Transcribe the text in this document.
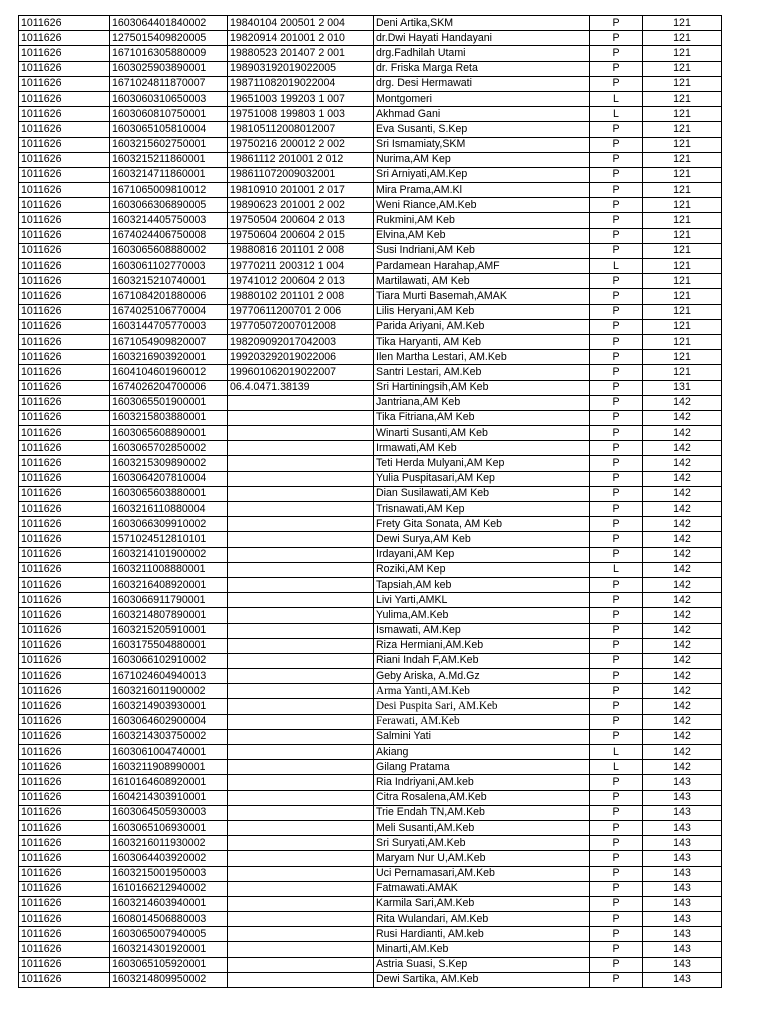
1011626	1603064401840002	19840104 200501 2 004	Deni Artika,SKM	P	121
1011626	1275015409820005	19820914 201001 2 010	dr.Dwi Hayati Handayani	P	121
1011626	1671016305880009	19880523 201407 2 001	drg.Fadhilah Utami	P	121
1011626	1603025903890001	198903192019022005	dr. Friska Marga Reta	P	121
1011626	1671024811870007	198711082019022004	drg. Desi Hermawati	P	121
1011626	1603060310650003	19651003 199203 1 007	Montgomeri	L	121
1011626	1603060810750001	19751008 199803 1 003	Akhmad Gani	L	121
1011626	1603065105810004	198105112008012007	Eva Susanti, S.Kep	P	121
1011626	1603215602750001	19750216 200012 2 002	Sri Ismamiaty,SKM	P	121
1011626	1603215211860001	19861112 201001 2 012	Nurima,AM Kep	P	121
1011626	1603214711860001	198611072009032001	Sri Arniyati,AM.Kep	P	121
1011626	1671065009810012	19810910 201001 2 017	Mira Prama,AM.Kl	P	121
1011626	1603066306890005	19890623 201001 2 002	Weni Riance,AM.Keb	P	121
1011626	1603214405750003	19750504 200604 2 013	Rukmini,AM Keb	P	121
1011626	1674024406750008	19750604 200604 2 015	Elvina,AM Keb	P	121
1011626	1603065608880002	19880816 201101 2 008	Susi Indriani,AM Keb	P	121
1011626	1603061102770003	19770211 200312 1 004	Pardamean Harahap,AMF	L	121
1011626	1603215210740001	19741012 200604 2 013	Martilawati, AM Keb	P	121
1011626	1671084201880006	19880102 201101 2 008	Tiara Murti Basemah,AMAK	P	121
1011626	1674025106770004	19770611200701 2 006	Lilis Heryani,AM Keb	P	121
1011626	1603144705770003	197705072007012008	Parida Ariyani, AM.Keb	P	121
1011626	1671054909820007	198209092017042003	Tika Haryanti, AM Keb	P	121
1011626	1603216903920001	199203292019022006	Ilen Martha Lestari, AM.Keb	P	121
1011626	1604104601960012	199601062019022007	Santri Lestari, AM.Keb	P	121
1011626	1674026204700006	06.4.0471.38139	Sri Hartiningsih,AM Keb	P	131
1011626	1603065501900001		Jantriana,AM Keb	P	142
1011626	1603215803880001		Tika Fitriana,AM Keb	P	142
1011626	1603065608890001		Winarti Susanti,AM Keb	P	142
1011626	1603065702850002		Irmawati,AM Keb	P	142
1011626	1603215309890002		Teti Herda Mulyani,AM Kep	P	142
1011626	1603064207810004		Yulia Puspitasari,AM Kep	P	142
1011626	1603065603880001		Dian Susilawati,AM Keb	P	142
1011626	1603216110880004		Trisnawati,AM Kep	P	142
1011626	1603066309910002		Frety Gita Sonata, AM Keb	P	142
1011626	1571024512810101		Dewi Surya,AM Keb	P	142
1011626	1603214101900002		Irdayani,AM Kep	P	142
1011626	1603211008880001		Roziki,AM Kep	L	142
1011626	1603216408920001		Tapsiah,AM keb	P	142
1011626	1603066911790001		Livi Yarti,AMKL	P	142
1011626	1603214807890001		Yulima,AM.Keb	P	142
1011626	1603215205910001		Ismawati, AM.Kep	P	142
1011626	1603175504880001		Riza Hermiani,AM.Keb	P	142
1011626	1603066102910002		Riani Indah F,AM.Keb	P	142
1011626	1671024604940013		Geby Ariska, A.Md.Gz	P	142
1011626	1603216011900002		Arma Yanti,AM.Keb	P	142
1011626	1603214903930001		Desi Puspita Sari, AM.Keb	P	142
1011626	1603064602900004		Ferawati, AM.Keb	P	142
1011626	1603214303750002		Salmini Yati	P	142
1011626	1603061004740001		Akiang	L	142
1011626	1603211908990001		Gilang Pratama	L	142
1011626	1610164608920001		Ria Indriyani,AM.keb	P	143
1011626	1604214303910001		Citra Rosalena,AM.Keb	P	143
1011626	1603064505930003		Trie Endah TN,AM.Keb	P	143
1011626	1603065106930001		Meli Susanti,AM.Keb	P	143
1011626	1603216011930002		Sri Suryati,AM.Keb	P	143
1011626	1603064403920002		Maryam Nur U,AM.Keb	P	143
1011626	1603215001950003		Uci Pernamasari,AM.Keb	P	143
1011626	1610166212940002		Fatmawati.AMAK	P	143
1011626	1603214603940001		Karmila Sari,AM.Keb	P	143
1011626	1608014506880003		Rita Wulandari, AM.Keb	P	143
1011626	1603065007940005		Rusi Hardianti, AM.keb	P	143
1011626	1603214301920001		Minarti,AM.Keb	P	143
1011626	1603065105920001		Astria Suasi, S.Kep	P	143
1011626	1603214809950002		Dewi Sartika, AM.Keb	P	143
